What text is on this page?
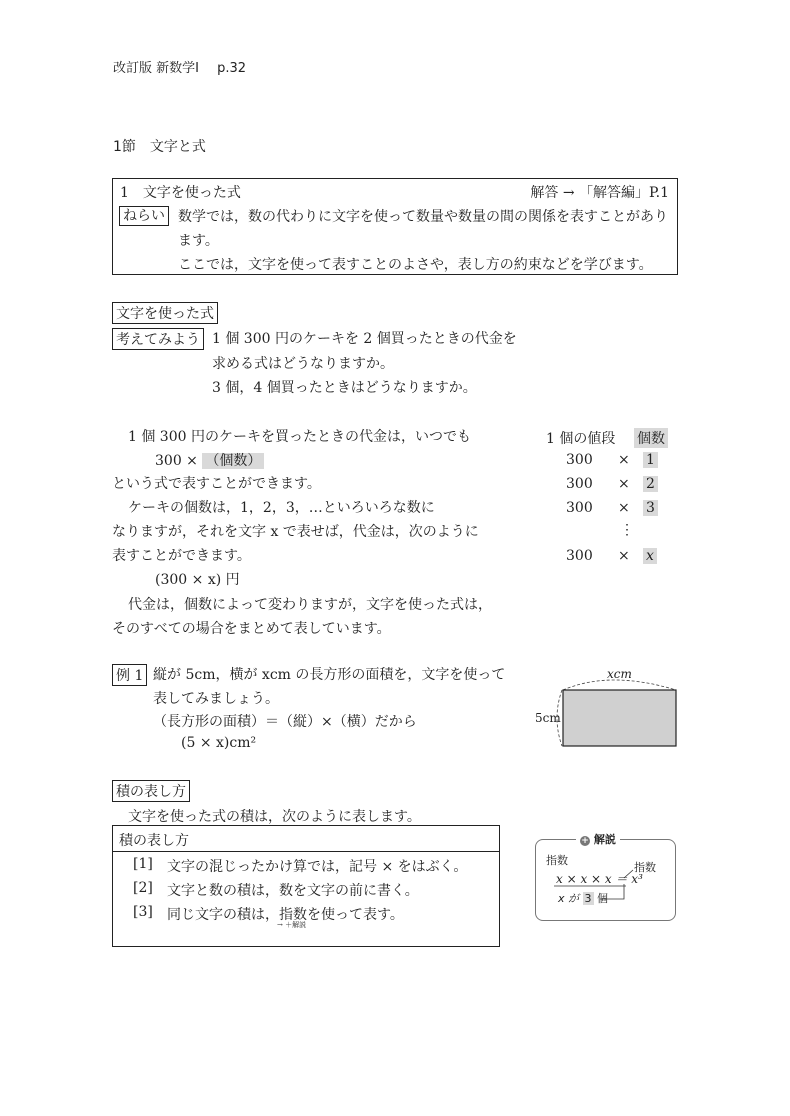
改訂版 新数学Ⅰ p.32
1節　文字と式
1　文字を使った式	解答 → 「解答編」P.1
ねらい 数学では，数の代わりに文字を使って数量や数量の間の関係を表すことがあり
ます。
ここでは，文字を使って表すことのよさや，表し方の約束などを学びます。
文字を使った式
考えてみよう 1 個 300 円のケーキを 2 個買ったときの代金を
求める式はどうなりますか。
3 個，4 個買ったときはどうなりますか。
1 個 300 円のケーキを買ったときの代金は，いつでも
300 × （個数）
という式で表すことができます。
ケーキの個数は，1，2，3，…といろいろな数に
なりますが，それを文字 x で表せば，代金は，次のように
表すことができます。
(300 × x) 円
代金は，個数によって変わりますが，文字を使った式は，
そのすべての場合をまとめて表しています。
1 個の値段 個数
300 × 1
300 × 2
300 × 3
⋮
300 × x
例 1 縦が 5cm，横が xcm の長方形の面積を，文字を使って
表してみましょう。
（長方形の面積）＝（縦）×（横）だから
(5 × x)cm²
xcm
5cm
積の表し方
文字を使った式の積は，次のように表します。
積の表し方
[1] 文字の混じったかけ算では，記号 × をはぶく。
[2] 文字と数の積は，数を文字の前に書く。
[3] 同じ文字の積は，指数を使って表す。
→ ＋解説
+ 解説
指数
x × x × x ＝ x³
指数
x が 3 個
